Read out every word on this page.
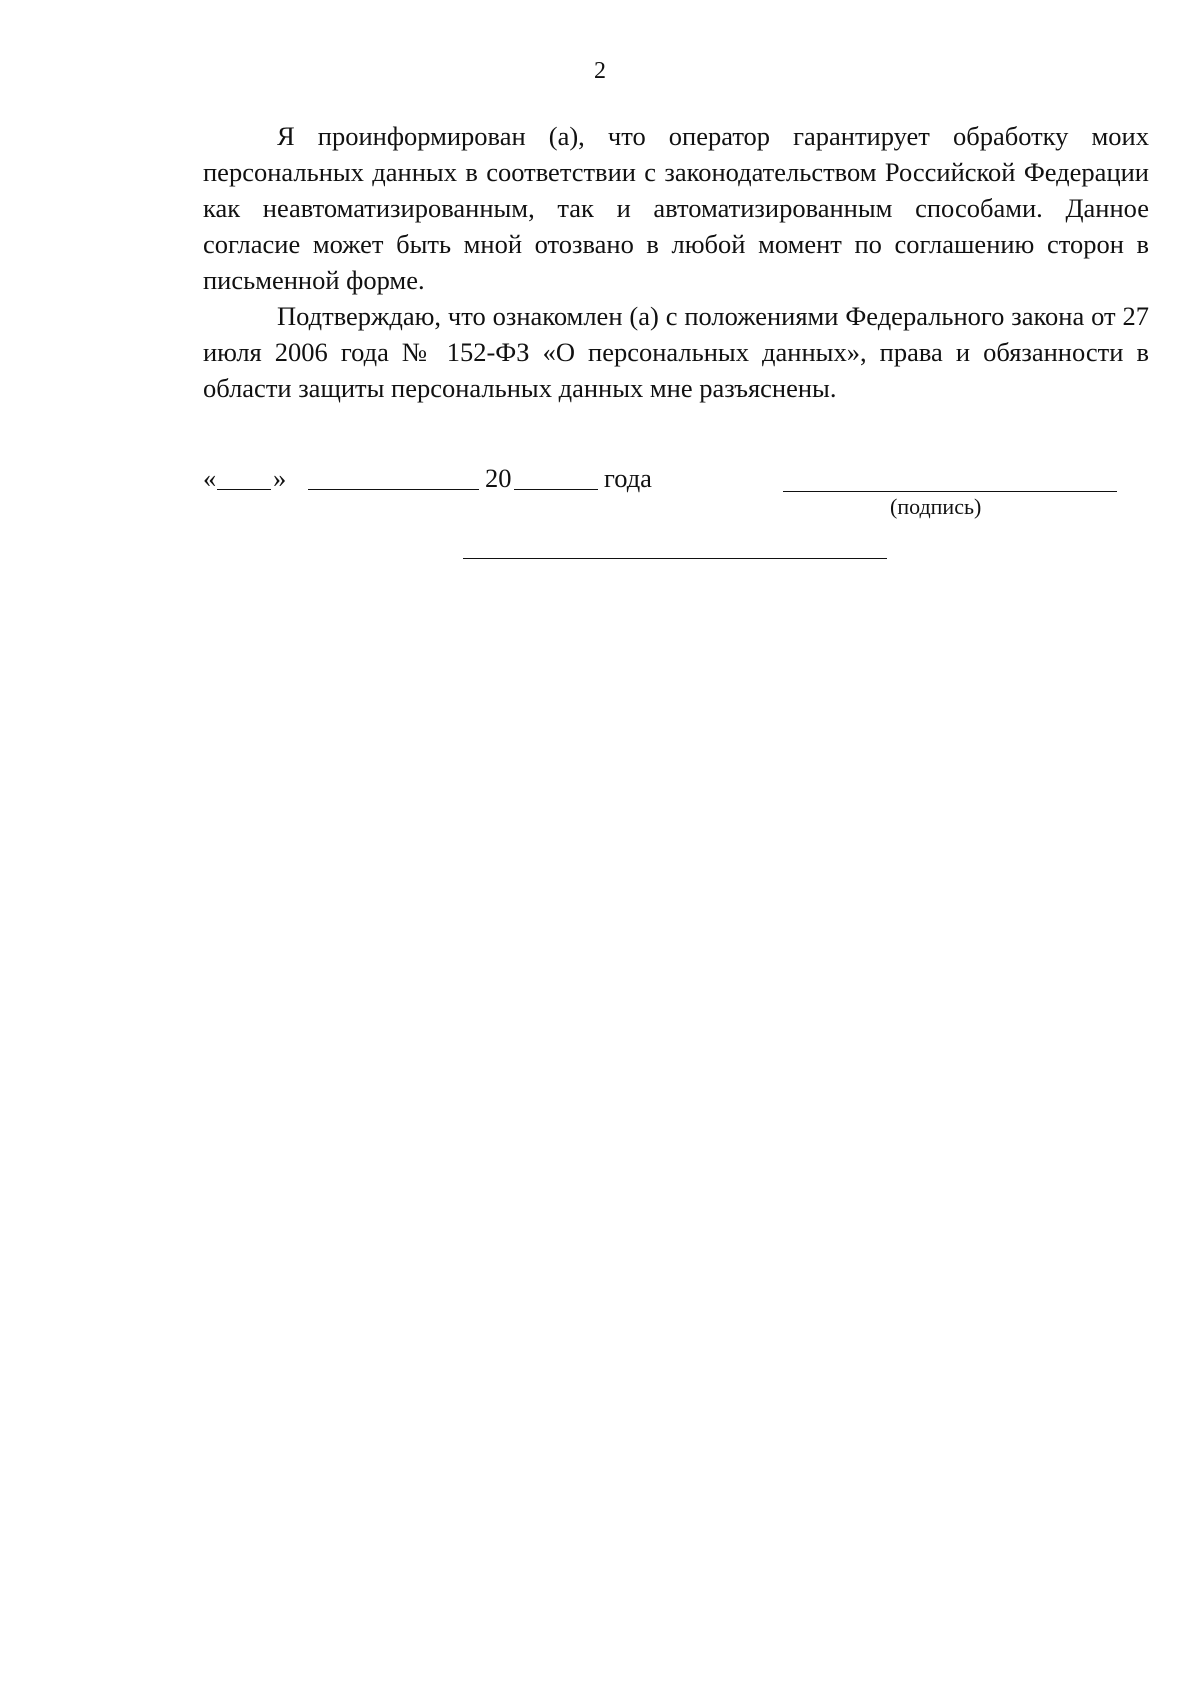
2

Я проинформирован (а), что оператор гарантирует обработку моих персональных данных в соответствии с законодательством Российской Федерации как неавтоматизированным, так и автоматизированным способами. Данное согласие может быть мной отозвано в любой момент по соглашению сторон в письменной форме.

Подтверждаю, что ознакомлен (а) с положениями Федерального закона от 27 июля 2006 года № 152-ФЗ «О персональных данных», права и обязанности в области защиты персональных данных мне разъяснены.

« »	20	года
(подпись)
